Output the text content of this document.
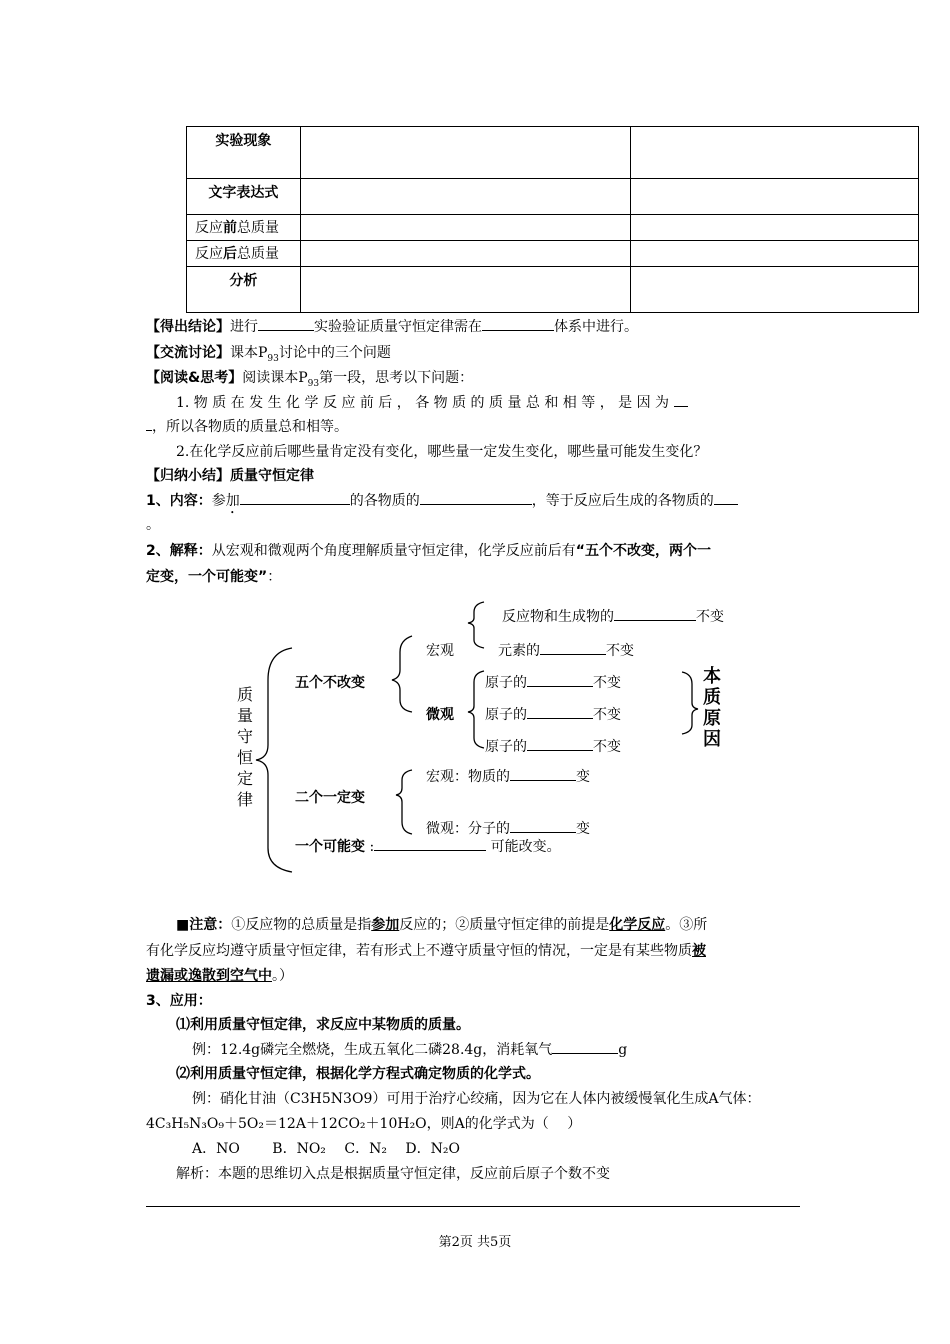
实验现象		
文字表达式		
反应前总质量		
反应后总质量		
分析		
【得出结论】进行	实验验证质量守恒定律需在	体系中进行。
【交流讨论】课本$P_{93}$讨论中的三个问题
【阅读&思考】阅读课本$P_{93}$第一段，思考以下问题：
1. 物 质 在 发 生 化 学 反 应 前 后 ， 各 物 质 的 质 量 总 和 相 等 ， 是 因 为
，所以各物质的质量总和相等。
2.在化学反应前后哪些量肯定没有变化，哪些量一定发生变化，哪些量可能发生变化？
【归纳小结】质量守恒定律
1、内容：参加	的各物质的	，等于反应后生成的各物质的
。
2、解释：从宏观和微观两个角度理解质量守恒定律，化学反应前后有“五个不改变，两个一
定变，一个可能变”：
质
量
守
恒
定
律
五个不改变
宏观
微观
反应物和生成物的	不变
元素的	不变
原子的	不变
原子的	不变
原子的	不变
本
质
原
因
二个一定变
宏观：物质的	变
微观：分子的	变
一个可能变 :	可能改变。
■注意：①反应物的总质量是指参加反应的；②质量守恒定律的前提是化学反应。③所
有化学反应均遵守质量守恒定律，若有形式上不遵守质量守恒的情况，一定是有某些物质被
遗漏或逸散到空气中。）
3、应用：
⑴利用质量守恒定律，求反应中某物质的质量。
例：12.4g磷完全燃烧，生成五氧化二磷28.4g，消耗氧气	g
⑵利用质量守恒定律，根据化学方程式确定物质的化学式。
例：硝化甘油（C3H5N3O9）可用于治疗心绞痛，因为它在人体内被缓慢氧化生成A气体：
4C₃H₅N₃O₉＋5O₂＝12A＋12CO₂＋10H₂O，则A的化学式为（　 ）
A．NO　　 B．NO₂　 C．N₂　 D．N₂O
解析：本题的思维切入点是根据质量守恒定律，反应前后原子个数不变
第2页 共5页
